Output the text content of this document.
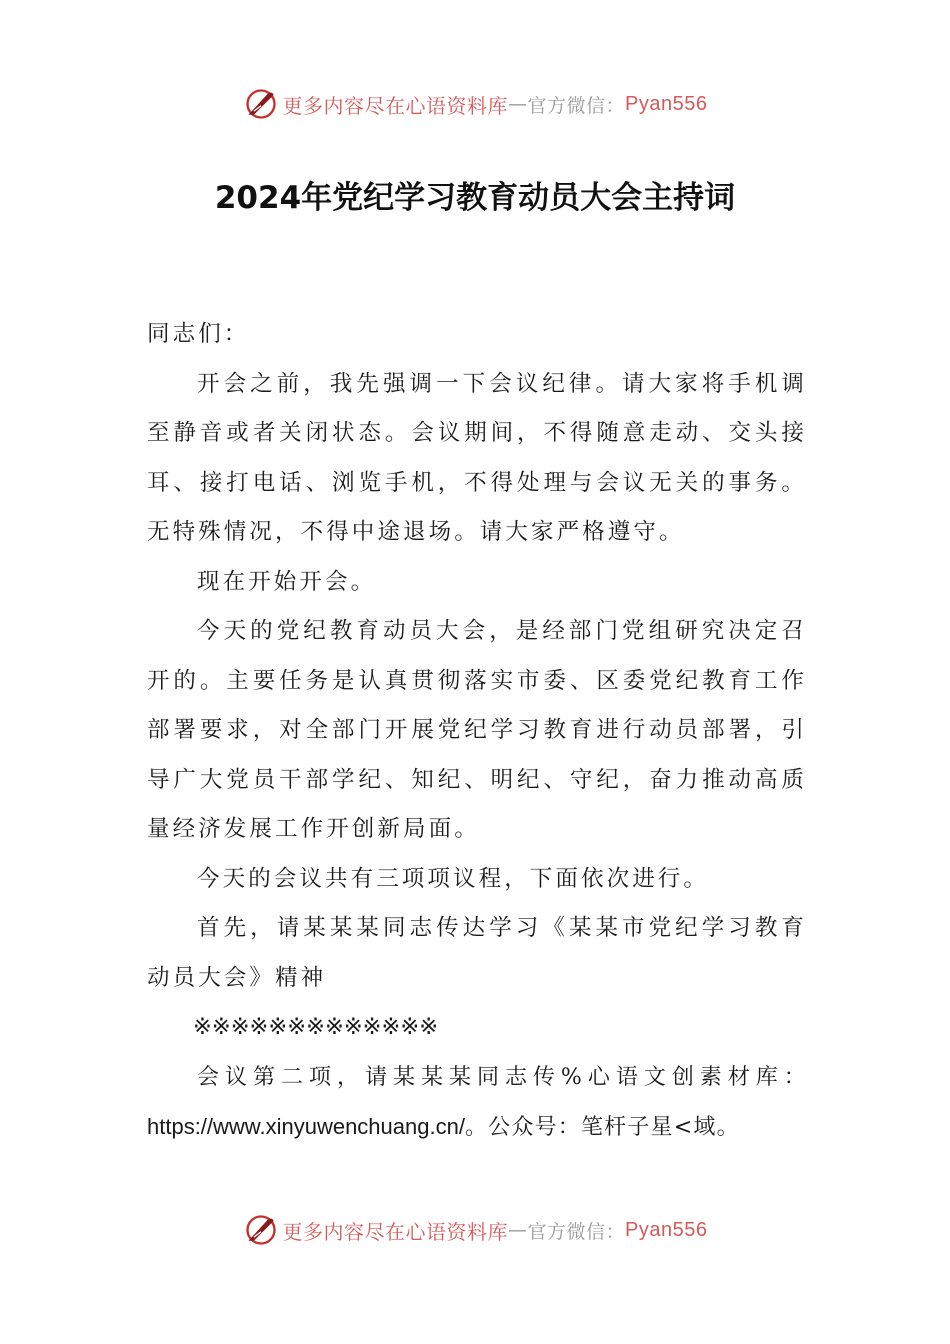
更多内容尽在心语资料库 — 官方微信： Pyan556
2024年党纪学习教育动员大会主持词

同志们：

开会之前，我先强调一下会议纪律。请大家将手机调至静音或者关闭状态。会议期间，不得随意走动、交头接耳、接打电话、浏览手机，不得处理与会议无关的事务。无特殊情况，不得中途退场。请大家严格遵守。

现在开始开会。

今天的党纪教育动员大会，是经部门党组研究决定召开的。主要任务是认真贯彻落实市委、区委党纪教育工作部署要求，对全部门开展党纪学习教育进行动员部署，引导广大党员干部学纪、知纪、明纪、守纪，奋力推动高质量经济发展工作开创新局面。

今天的会议共有三项项议程，下面依次进行。

首先，请某某某同志传达学习《某某市党纪学习教育动员大会》精神

※※※※※※※※※※※※※

会议第二项，请某某某同志传%心语文创素材库：https://www.xinyuwenchuang.cn/。公众号：笔杆子星<域。

更多内容尽在心语资料库 — 官方微信： Pyan556
